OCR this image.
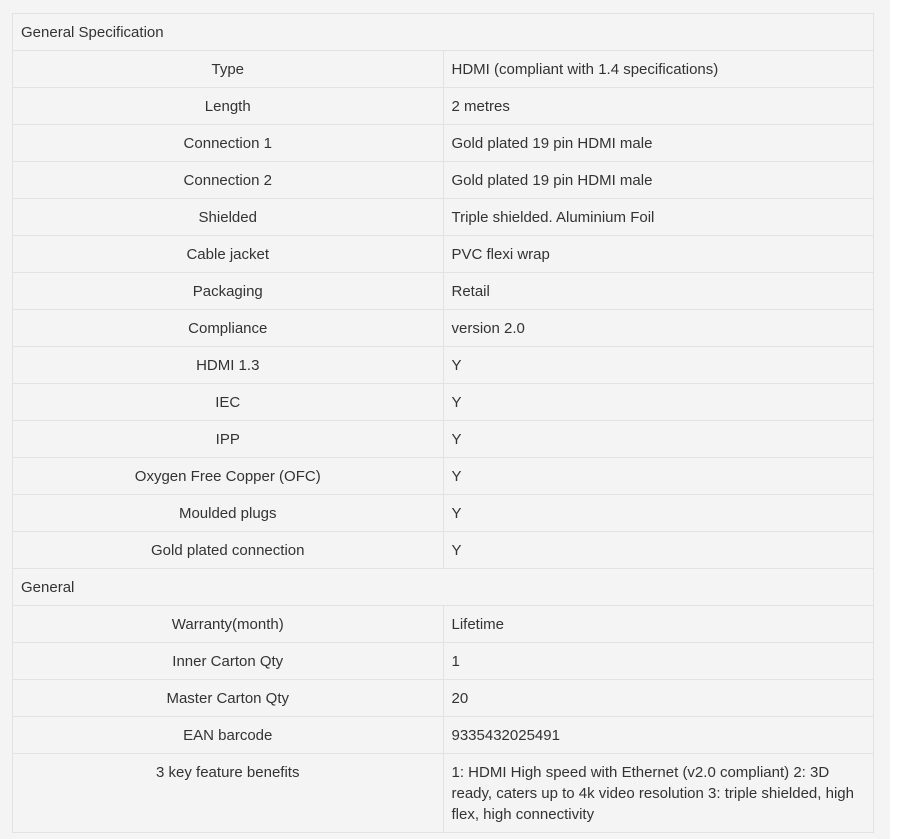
General Specification	
Type	HDMI (compliant with 1.4 specifications)
Length	2 metres
Connection 1	Gold plated 19 pin HDMI male
Connection 2	Gold plated 19 pin HDMI male
Shielded	Triple shielded. Aluminium Foil
Cable jacket	PVC flexi wrap
Packaging	Retail
Compliance	version 2.0
HDMI 1.3	Y
IEC	Y
IPP	Y
Oxygen Free Copper (OFC)	Y
Moulded plugs	Y
Gold plated connection	Y
General	
Warranty(month)	Lifetime
Inner Carton Qty	1
Master Carton Qty	20
EAN barcode	9335432025491
3 key feature benefits	1: HDMI High speed with Ethernet (v2.0 compliant) 2: 3D ready, caters up to 4k video resolution 3: triple shielded, high flex, high connectivity
